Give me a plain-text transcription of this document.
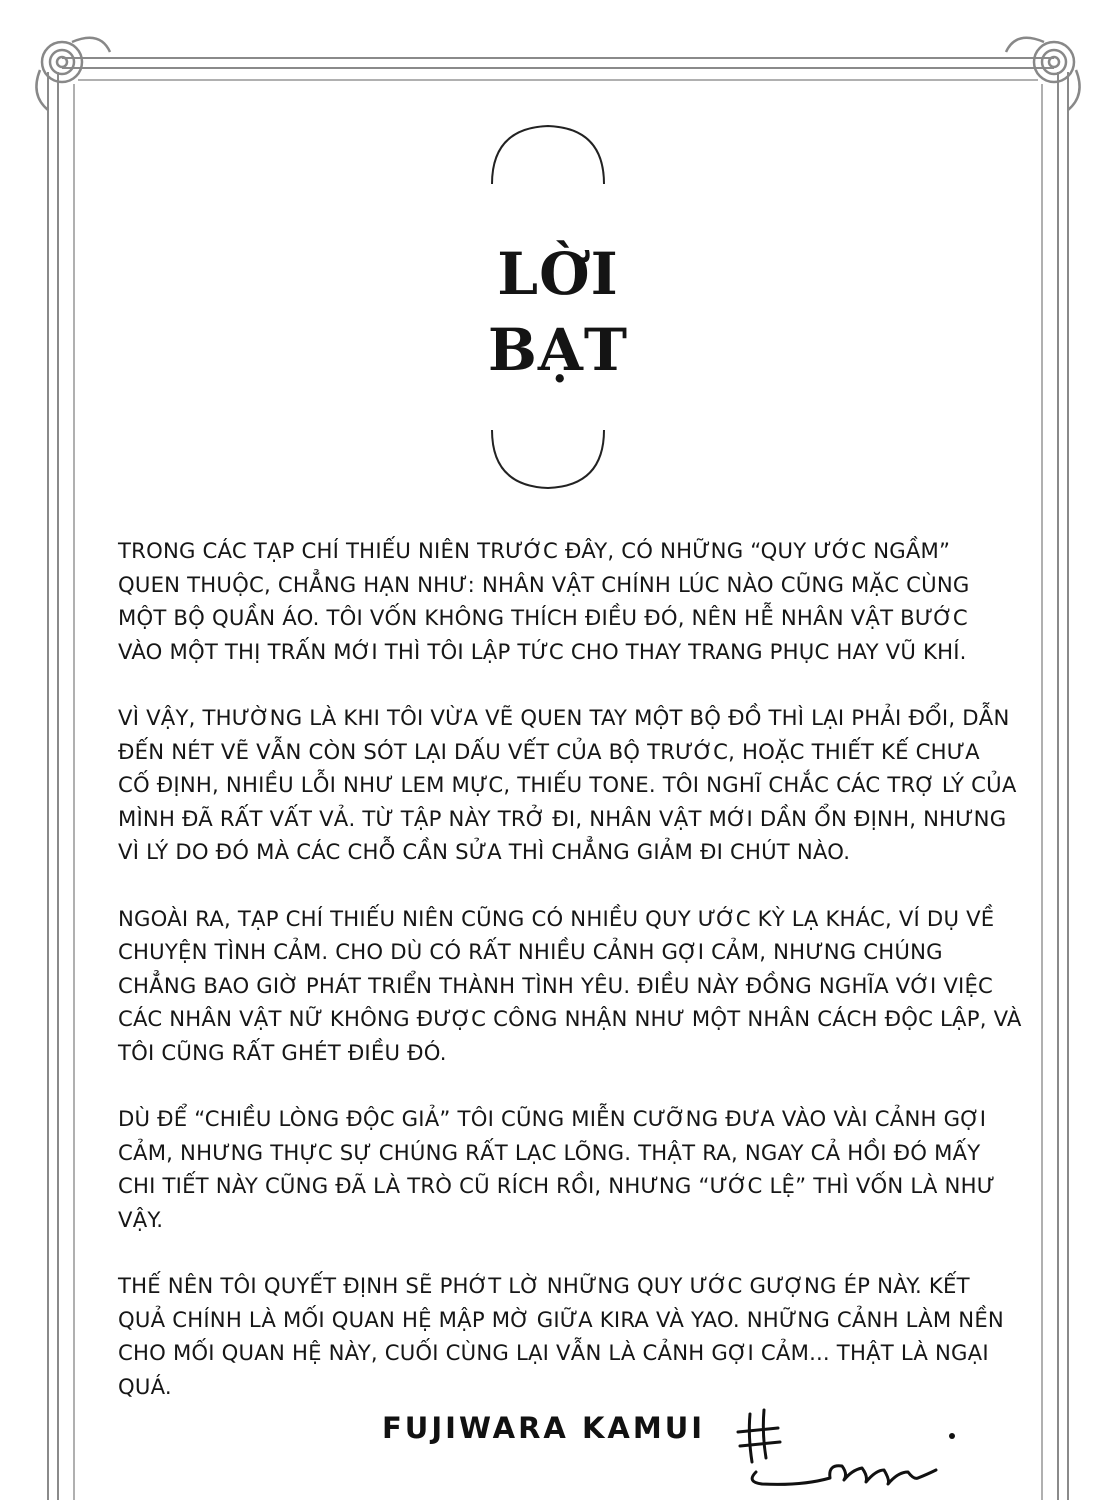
LỜI
BẠT

TRONG CÁC TẠP CHÍ THIẾU NIÊN TRƯỚC ĐÂY, CÓ NHỮNG “QUY ƯỚC NGẦM”
QUEN THUỘC, CHẲNG HẠN NHƯ: NHÂN VẬT CHÍNH LÚC NÀO CŨNG MẶC CÙNG
MỘT BỘ QUẦN ÁO. TÔI VỐN KHÔNG THÍCH ĐIỀU ĐÓ, NÊN HỄ NHÂN VẬT BƯỚC
VÀO MỘT THỊ TRẤN MỚI THÌ TÔI LẬP TỨC CHO THAY TRANG PHỤC HAY VŨ KHÍ.

VÌ VẬY, THƯỜNG LÀ KHI TÔI VỪA VẼ QUEN TAY MỘT BỘ ĐỒ THÌ LẠI PHẢI ĐỔI, DẪN
ĐẾN NÉT VẼ VẪN CÒN SÓT LẠI DẤU VẾT CỦA BỘ TRƯỚC, HOẶC THIẾT KẾ CHƯA
CỐ ĐỊNH, NHIỀU LỖI NHƯ LEM MỰC, THIẾU TONE. TÔI NGHĨ CHẮC CÁC TRỢ LÝ CỦA
MÌNH ĐÃ RẤT VẤT VẢ. TỪ TẬP NÀY TRỞ ĐI, NHÂN VẬT MỚI DẦN ỔN ĐỊNH, NHƯNG
VÌ LÝ DO ĐÓ MÀ CÁC CHỖ CẦN SỬA THÌ CHẲNG GIẢM ĐI CHÚT NÀO.

NGOÀI RA, TẠP CHÍ THIẾU NIÊN CŨNG CÓ NHIỀU QUY ƯỚC KỲ LẠ KHÁC, VÍ DỤ VỀ
CHUYỆN TÌNH CẢM. CHO DÙ CÓ RẤT NHIỀU CẢNH GỢI CẢM, NHƯNG CHÚNG
CHẲNG BAO GIỜ PHÁT TRIỂN THÀNH TÌNH YÊU. ĐIỀU NÀY ĐỒNG NGHĨA VỚI VIỆC
CÁC NHÂN VẬT NỮ KHÔNG ĐƯỢC CÔNG NHẬN NHƯ MỘT NHÂN CÁCH ĐỘC LẬP, VÀ
TÔI CŨNG RẤT GHÉT ĐIỀU ĐÓ.

DÙ ĐỂ “CHIỀU LÒNG ĐỘC GIẢ” TÔI CŨNG MIỄN CƯỠNG ĐƯA VÀO VÀI CẢNH GỢI
CẢM, NHƯNG THỰC SỰ CHÚNG RẤT LẠC LÕNG. THẬT RA, NGAY CẢ HỒI ĐÓ MẤY
CHI TIẾT NÀY CŨNG ĐÃ LÀ TRÒ CŨ RÍCH RỒI, NHƯNG “ƯỚC LỆ” THÌ VỐN LÀ NHƯ
VẬY.

THẾ NÊN TÔI QUYẾT ĐỊNH SẼ PHỚT LỜ NHỮNG QUY ƯỚC GƯỢNG ÉP NÀY. KẾT
QUẢ CHÍNH LÀ MỐI QUAN HỆ MẬP MỜ GIỮA KIRA VÀ YAO. NHỮNG CẢNH LÀM NỀN
CHO MỐI QUAN HỆ NÀY, CUỐI CÙNG LẠI VẪN LÀ CẢNH GỢI CẢM... THẬT LÀ NGẠI
QUÁ.

FUJIWARA KAMUI
